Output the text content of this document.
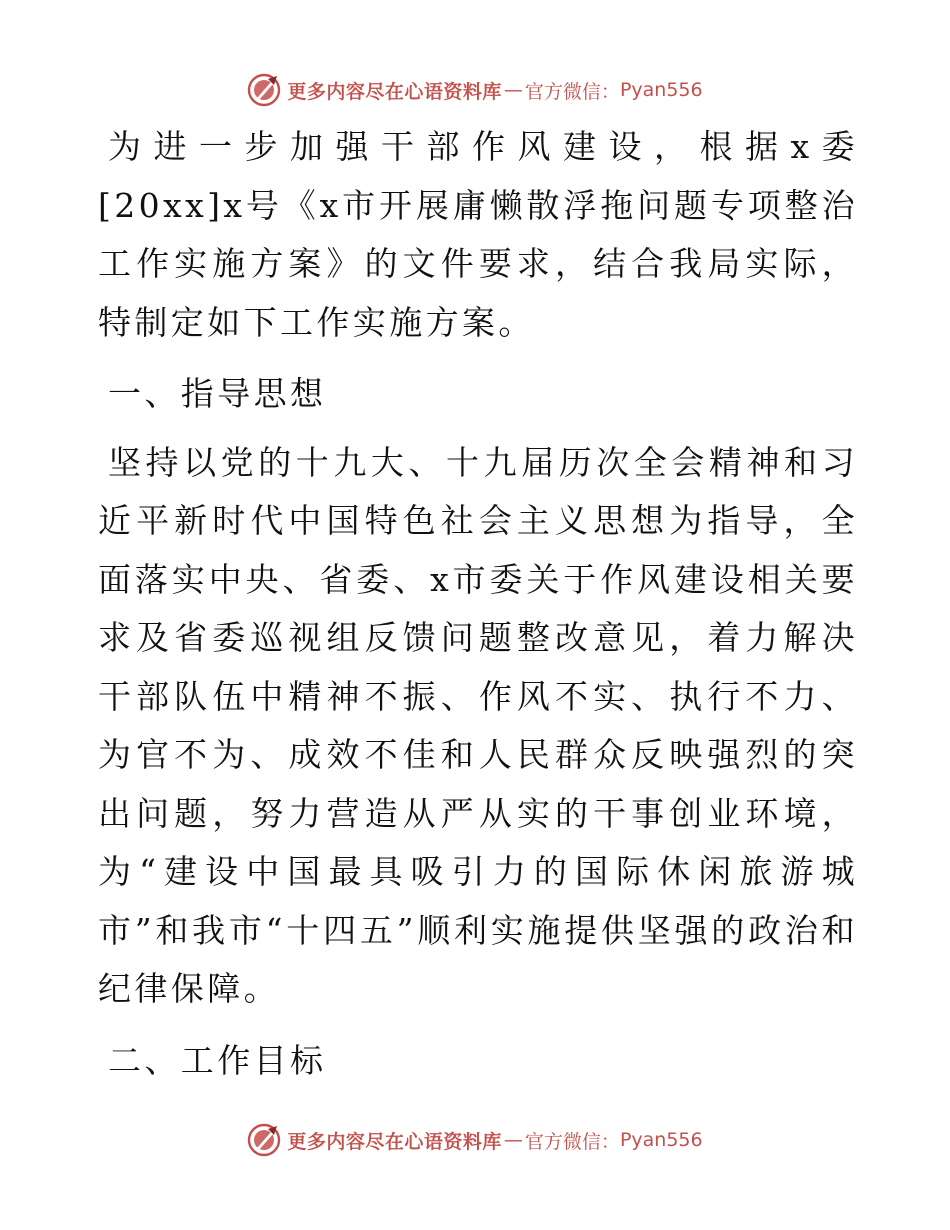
更多内容尽在心语资料库 — 官方微信： Pyan556

为进一步加强干部作风建设，根据x委[20xx]x号《x市开展庸懒散浮拖问题专项整治工作实施方案》的文件要求，结合我局实际，特制定如下工作实施方案。

一、指导思想

坚持以党的十九大、十九届历次全会精神和习近平新时代中国特色社会主义思想为指导，全面落实中央、省委、x市委关于作风建设相关要求及省委巡视组反馈问题整改意见，着力解决干部队伍中精神不振、作风不实、执行不力、为官不为、成效不佳和人民群众反映强烈的突出问题，努力营造从严从实的干事创业环境，为“建设中国最具吸引力的国际休闲旅游城市”和我市“十四五”顺利实施提供坚强的政治和纪律保障。

二、工作目标

更多内容尽在心语资料库 — 官方微信： Pyan556
